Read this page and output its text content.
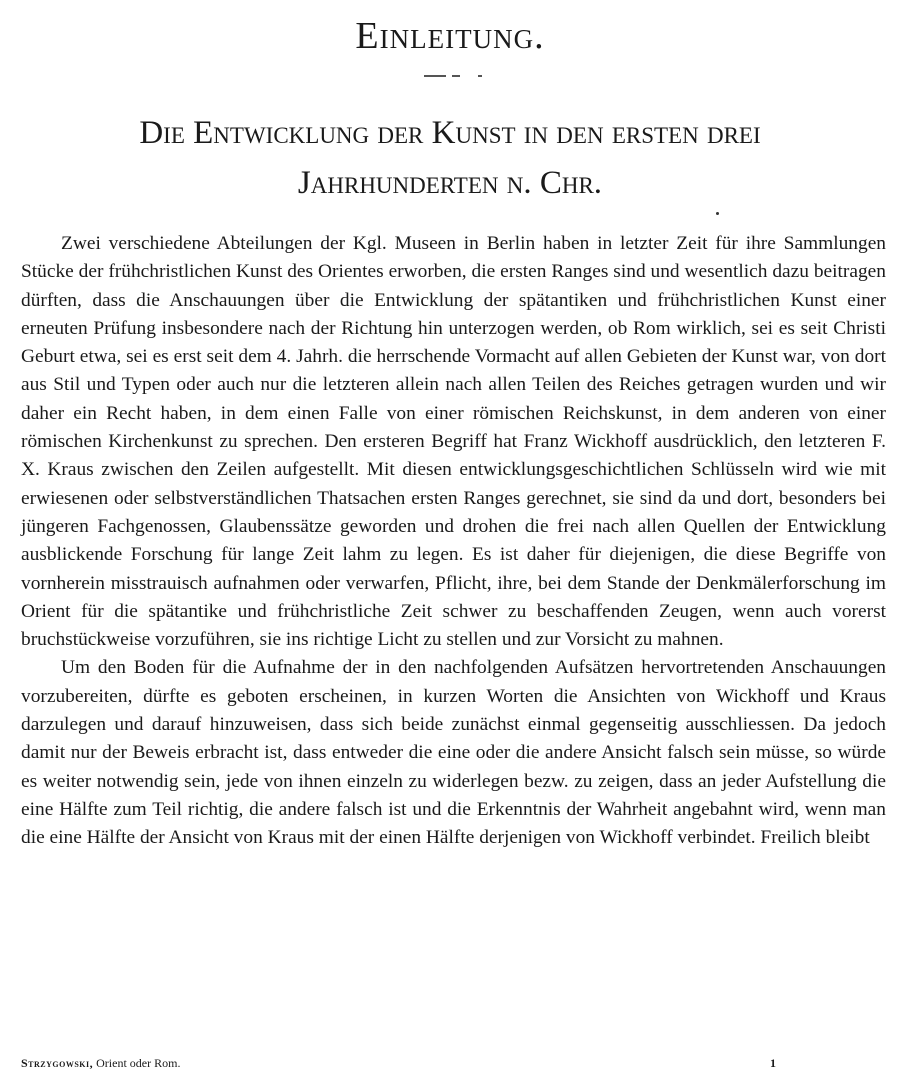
Einleitung.
Die Entwicklung der Kunst in den ersten drei
Jahrhunderten n. Chr.

Zwei verschiedene Abteilungen der Kgl. Museen in Berlin haben in letzter Zeit für ihre Sammlungen Stücke der frühchristlichen Kunst des Orientes erworben, die ersten Ranges sind und wesentlich dazu beitragen dürften, dass die Anschauungen über die Entwicklung der spätantiken und frühchristlichen Kunst einer erneuten Prüfung insbesondere nach der Richtung hin unterzogen werden, ob Rom wirklich, sei es seit Christi Geburt etwa, sei es erst seit dem 4. Jahrh. die herrschende Vormacht auf allen Gebieten der Kunst war, von dort aus Stil und Typen oder auch nur die letzteren allein nach allen Teilen des Reiches getragen wurden und wir daher ein Recht haben, in dem einen Falle von einer römischen Reichskunst, in dem anderen von einer römischen Kirchenkunst zu sprechen. Den ersteren Begriff hat Franz Wickhoff ausdrücklich, den letzteren F. X. Kraus zwischen den Zeilen aufgestellt. Mit diesen entwicklungsgeschichtlichen Schlüsseln wird wie mit erwiesenen oder selbstverständlichen Thatsachen ersten Ranges gerechnet, sie sind da und dort, besonders bei jüngeren Fachgenossen, Glaubenssätze geworden und drohen die frei nach allen Quellen der Entwicklung ausblickende Forschung für lange Zeit lahm zu legen. Es ist daher für diejenigen, die diese Begriffe von vornherein misstrauisch aufnahmen oder verwarfen, Pflicht, ihre, bei dem Stande der Denkmälerforschung im Orient für die spätantike und frühchristliche Zeit schwer zu beschaffenden Zeugen, wenn auch vorerst bruchstückweise vorzuführen, sie ins richtige Licht zu stellen und zur Vorsicht zu mahnen.

Um den Boden für die Aufnahme der in den nachfolgenden Aufsätzen hervortretenden Anschauungen vorzubereiten, dürfte es geboten erscheinen, in kurzen Worten die Ansichten von Wickhoff und Kraus darzulegen und darauf hinzuweisen, dass sich beide zunächst einmal gegenseitig ausschliessen. Da jedoch damit nur der Beweis erbracht ist, dass entweder die eine oder die andere Ansicht falsch sein müsse, so würde es weiter notwendig sein, jede von ihnen einzeln zu widerlegen bezw. zu zeigen, dass an jeder Aufstellung die eine Hälfte zum Teil richtig, die andere falsch ist und die Erkenntnis der Wahrheit angebahnt wird, wenn man die eine Hälfte der Ansicht von Kraus mit der einen Hälfte derjenigen von Wickhoff verbindet. Freilich bleibt

Strzygowski, Orient oder Rom.	1
